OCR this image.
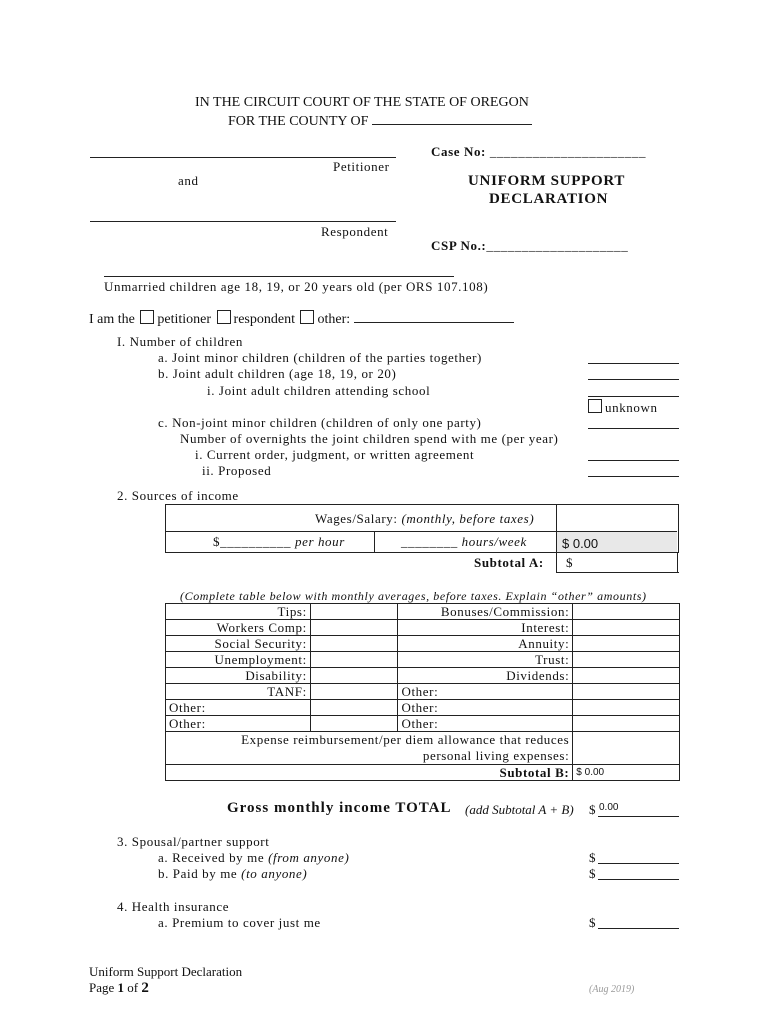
IN THE CIRCUIT COURT OF THE STATE OF OREGON
FOR THE COUNTY OF
Petitioner
and
Respondent
Case No: ______________________
UNIFORM SUPPORT
DECLARATION
CSP No.:____________________
Unmarried children age 18, 19, or 20 years old (per ORS 107.108)
I am the petitioner respondent other:
I. Number of children
a. Joint minor children (children of the parties together)
b. Joint adult children (age 18, 19, or 20)
i. Joint adult children attending school
unknown
c. Non-joint minor children (children of only one party)
Number of overnights the joint children spend with me (per year)
i. Current order, judgment, or written agreement
ii. Proposed
2. Sources of income
Wages/Salary: (monthly, before taxes)
$__________ per hour	________ hours/week	$ 0.00
Subtotal A: $
(Complete table below with monthly averages, before taxes. Explain “other” amounts)
Tips:		Bonuses/Commission:	
Workers Comp:		Interest:	
Social Security:		Annuity:	
Unemployment:		Trust:	
Disability:		Dividends:	
TANF:		Other:	
Other:		Other:	
Other:		Other:	
Expense reimbursement/per diem allowance that reduces
personal living expenses:			
Subtotal B:			$ 0.00
Gross monthly income TOTAL (add Subtotal A + B) $ 0.00
3. Spousal/partner support
a. Received by me (from anyone)	$
b. Paid by me (to anyone)	$
4. Health insurance
a. Premium to cover just me	$
Uniform Support Declaration
Page 1 of 2	(Aug 2019)
